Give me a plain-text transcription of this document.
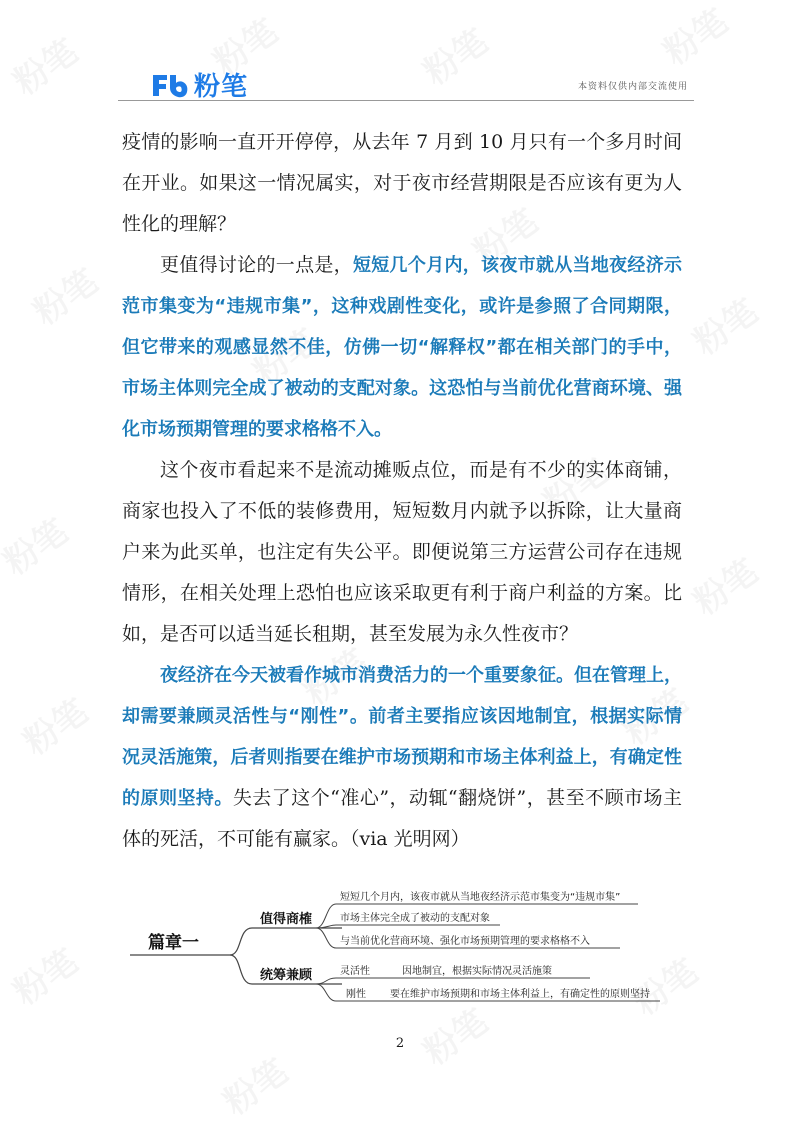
粉笔	本资料仅供内部交流使用

疫情的影响一直开开停停，从去年 7 月到 10 月只有一个多月时间在开业。如果这一情况属实，对于夜市经营期限是否应该有更为人性化的理解？

更值得讨论的一点是，短短几个月内，该夜市就从当地夜经济示范市集变为“违规市集”，这种戏剧性变化，或许是参照了合同期限，但它带来的观感显然不佳，仿佛一切“解释权”都在相关部门的手中，市场主体则完全成了被动的支配对象。这恐怕与当前优化营商环境、强化市场预期管理的要求格格不入。

这个夜市看起来不是流动摊贩点位，而是有不少的实体商铺，商家也投入了不低的装修费用，短短数月内就予以拆除，让大量商户来为此买单，也注定有失公平。即便说第三方运营公司存在违规情形，在相关处理上恐怕也应该采取更有利于商户利益的方案。比如，是否可以适当延长租期，甚至发展为永久性夜市？

夜经济在今天被看作城市消费活力的一个重要象征。但在管理上，却需要兼顾灵活性与“刚性”。前者主要指应该因地制宜，根据实际情况灵活施策，后者则指要在维护市场预期和市场主体利益上，有确定性的原则坚持。失去了这个“准心”，动辄“翻烧饼”，甚至不顾市场主体的死活，不可能有赢家。（via 光明网）

篇章一
值得商榷
统筹兼顾
短短几个月内，该夜市就从当地夜经济示范市集变为“违规市集”
市场主体完全成了被动的支配对象
与当前优化营商环境、强化市场预期管理的要求格格不入
灵活性	因地制宜，根据实际情况灵活施策
刚性 要在维护市场预期和市场主体利益上，有确定性的原则坚持
2
